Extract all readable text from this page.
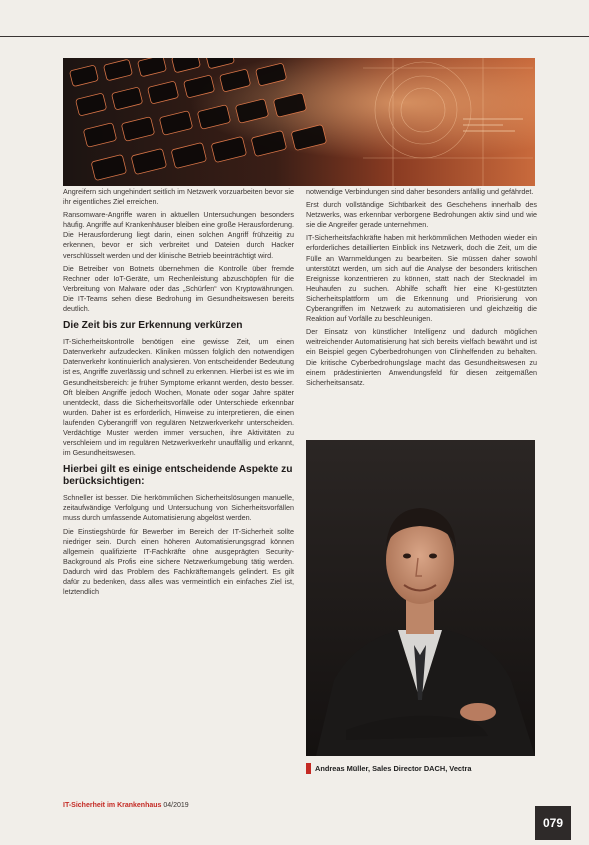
Angreifern sich ungehindert seitlich im Netzwerk vorzuarbeiten bevor sie ihr eigentliches Ziel erreichen.

Ransomware-Angriffe waren in aktuellen Untersuchungen besonders häufig. Angriffe auf Krankenhäuser bleiben eine große Herausforderung. Die Herausforderung liegt darin, einen solchen Angriff frühzeitig zu erkennen, bevor er sich verbreitet und Dateien durch Hacker verschlüsselt werden und der klinische Betrieb beeinträchtigt wird.

Die Betreiber von Botnets übernehmen die Kontrolle über fremde Rechner oder IoT-Geräte, um Rechenleistung abzuschöpfen für die Verbreitung von Malware oder das „Schürfen“ von Kryptowährungen. Die IT-Teams sehen diese Bedrohung im Gesundheitswesen bereits deutlich.

Die Zeit bis zur Erkennung verkürzen

IT-Sicherheitskontrolle benötigen eine gewisse Zeit, um einen Datenverkehr aufzudecken. Kliniken müssen folglich den notwendigen Datenverkehr kontinuierlich analysieren. Von entscheidender Bedeutung ist es, Angriffe zuverlässig und schnell zu erkennen. Hierbei ist es wie im Gesundheitsbereich: je früher Symptome erkannt werden, desto besser. Oft bleiben Angriffe jedoch Wochen, Monate oder sogar Jahre später unentdeckt, dass die Sicherheitsvorfälle oder Unterschiede erkennbar wurden. Daher ist es erforderlich, Hinweise zu interpretieren, die einen laufenden Cyberangriff von regulären Netzwerkverkehr unterscheiden. Verdächtige Muster werden immer versuchen, ihre Aktivitäten zu verschleiern und im regulären Netzwerkverkehr unauffällig und erkannt, im Gesundheitswesen.

Hierbei gilt es einige entscheidende Aspekte zu berücksichtigen:

Schneller ist besser. Die herkömmlichen Sicherheitslösungen manuelle, zeitaufwändige Verfolgung und Untersuchung von Sicherheitsvorfällen muss durch umfassende Automatisierung abgelöst werden.

Die Einstiegshürde für Bewerber im Bereich der IT-Sicherheit sollte niedriger sein. Durch einen höheren Automatisierungsgrad können allgemein qualifizierte IT-Fachkräfte ohne ausgeprägten Security-Background als Profis eine sichere Netzwerkumgebung tätig werden. Dadurch wird das Problem des Fachkräftemangels gelindert. Es gilt dafür zu bedenken, dass alles was vermeintlich ein einfaches Ziel ist, letztendlich

notwendige Verbindungen sind daher besonders anfällig und gefährdet.

Erst durch vollständige Sichtbarkeit des Geschehens innerhalb des Netzwerks, was erkennbar verborgene Bedrohungen aktiv sind und wie sie die Angreifer gerade unternehmen.

IT-Sicherheitsfachkräfte haben mit herkömmlichen Methoden wieder ein erforderliches detaillierten Einblick ins Netzwerk, doch die Zeit, um die Fülle an Warnmeldungen zu bearbeiten. Sie müssen daher sowohl unterstützt werden, um sich auf die Analyse der besonders kritischen Ereignisse konzentrieren zu können, statt nach der Stecknadel im Heuhaufen zu suchen. Abhilfe schafft hier eine KI-gestützten Sicherheitsplattform um die Erkennung und Priorisierung von Cyberangriffen im Netzwerk zu automatisieren und gleichzeitig die Reaktion auf Vorfälle zu beschleunigen.

Der Einsatz von künstlicher Intelligenz und dadurch möglichen weitreichender Automatisierung hat sich bereits vielfach bewährt und ist ein Beispiel gegen Cyberbedrohungen von Clinhelfenden zu behalten. Die kritische Cyberbedrohungslage macht das Gesundheitswesen zu einem prädestinierten Anwendungsfeld für diesen zeitgemäßen Sicherheitsansatz.

Andreas Müller, Sales Director DACH, Vectra
IT-Sicherheit im Krankenhaus 04/2019
079
